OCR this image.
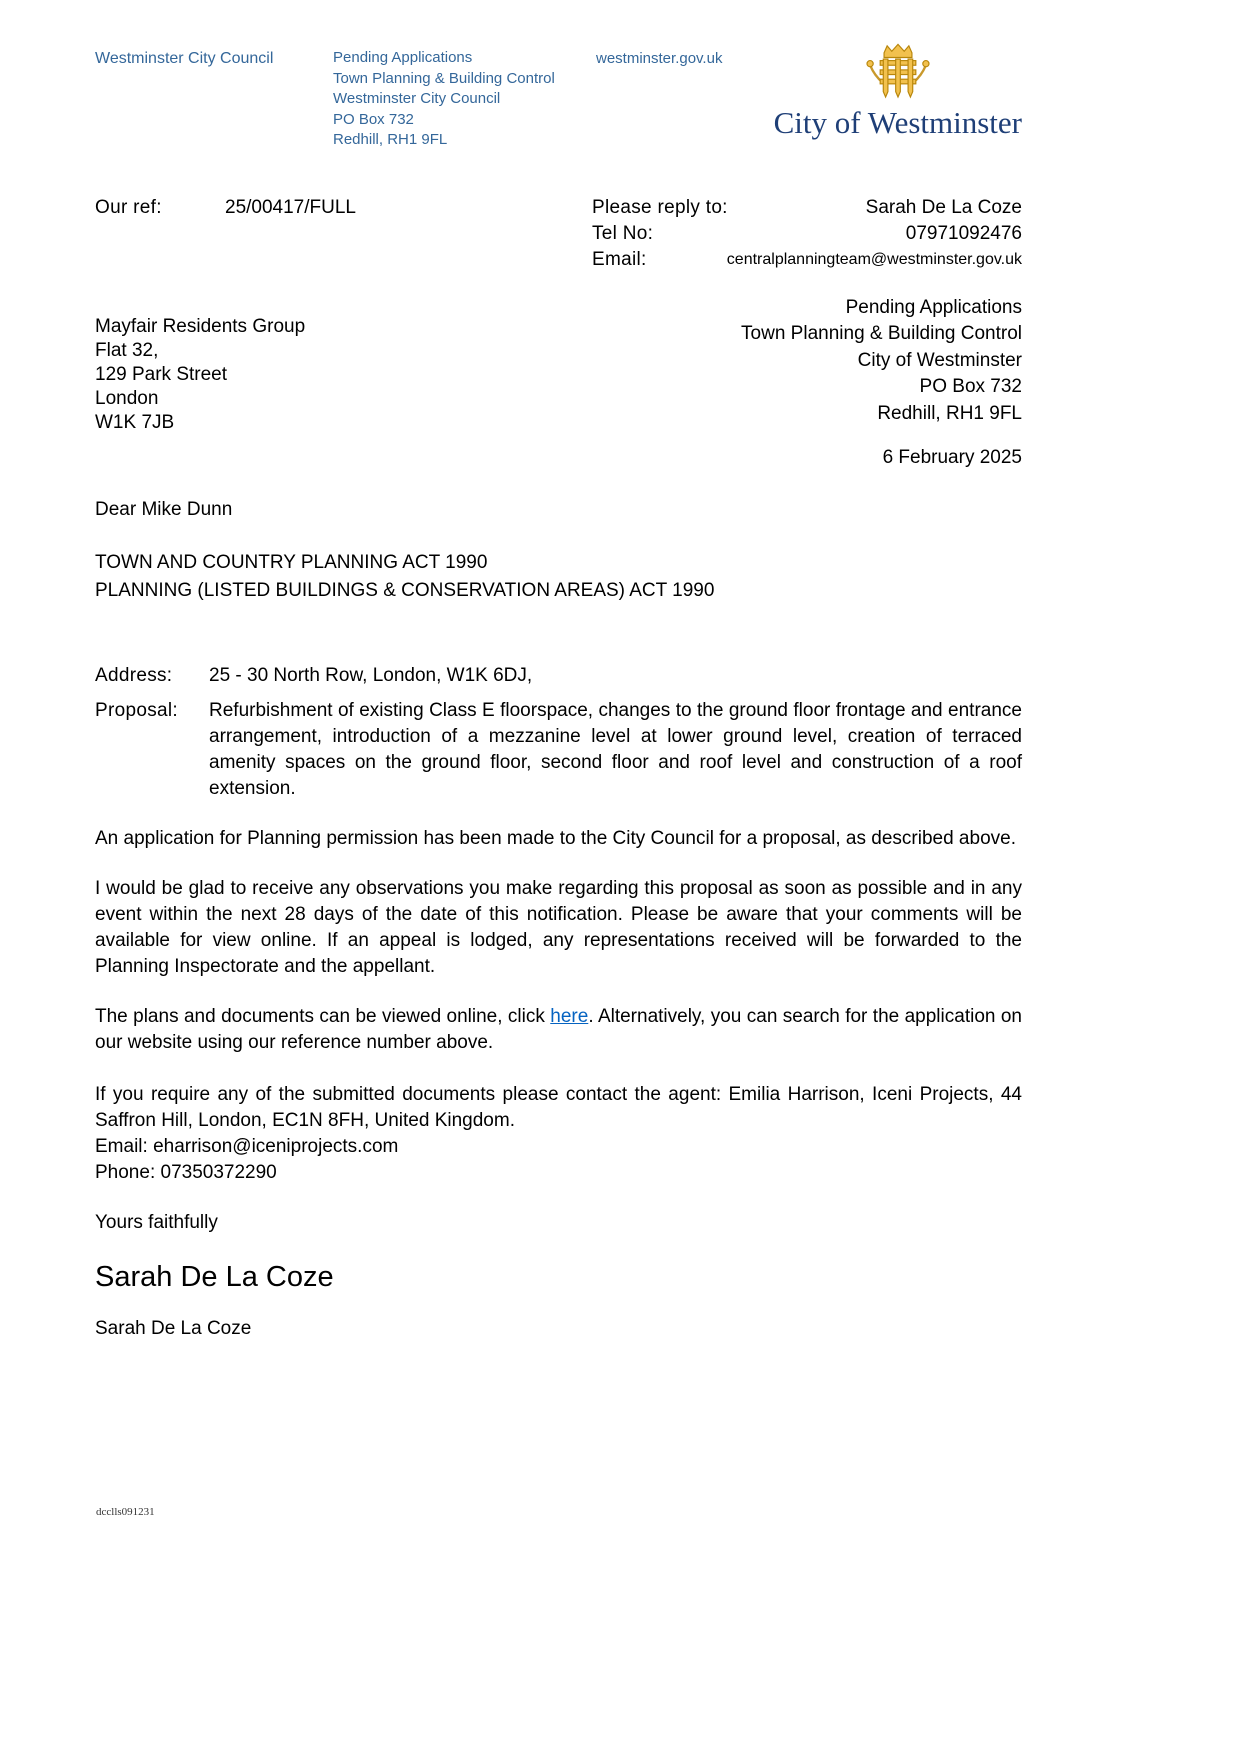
Westminster City Council	Pending Applications
Town Planning & Building Control
Westminster City Council
PO Box 732
Redhill, RH1 9FL
westminster.gov.uk
City of Westminster
Our ref:	25/00417/FULL	Please reply to:	Sarah De La Coze
Tel No:	07971092476
Email:	centralplanningteam@westminster.gov.uk
Mayfair Residents Group
Flat 32,
129 Park Street
London
W1K 7JB
Pending Applications
Town Planning & Building Control
City of Westminster
PO Box 732
Redhill, RH1 9FL
6 February 2025
Dear Mike Dunn
TOWN AND COUNTRY PLANNING ACT 1990
PLANNING (LISTED BUILDINGS & CONSERVATION AREAS) ACT 1990
Address:	25 - 30 North Row, London, W1K 6DJ,
Proposal:	Refurbishment of existing Class E floorspace, changes to the ground floor frontage and entrance arrangement, introduction of a mezzanine level at lower ground level, creation of terraced amenity spaces on the ground floor, second floor and roof level and construction of a roof extension.

An application for Planning permission has been made to the City Council for a proposal, as described above.

I would be glad to receive any observations you make regarding this proposal as soon as possible and in any event within the next 28 days of the date of this notification. Please be aware that your comments will be available for view online. If an appeal is lodged, any representations received will be forwarded to the Planning Inspectorate and the appellant.

The plans and documents can be viewed online, click here. Alternatively, you can search for the application on our website using our reference number above.

If you require any of the submitted documents please contact the agent: Emilia Harrison, Iceni Projects, 44 Saffron Hill, London, EC1N 8FH, United Kingdom.
Email: eharrison@iceniprojects.com
Phone: 07350372290
Yours faithfully
Sarah De La Coze
Sarah De La Coze
dcclls091231
